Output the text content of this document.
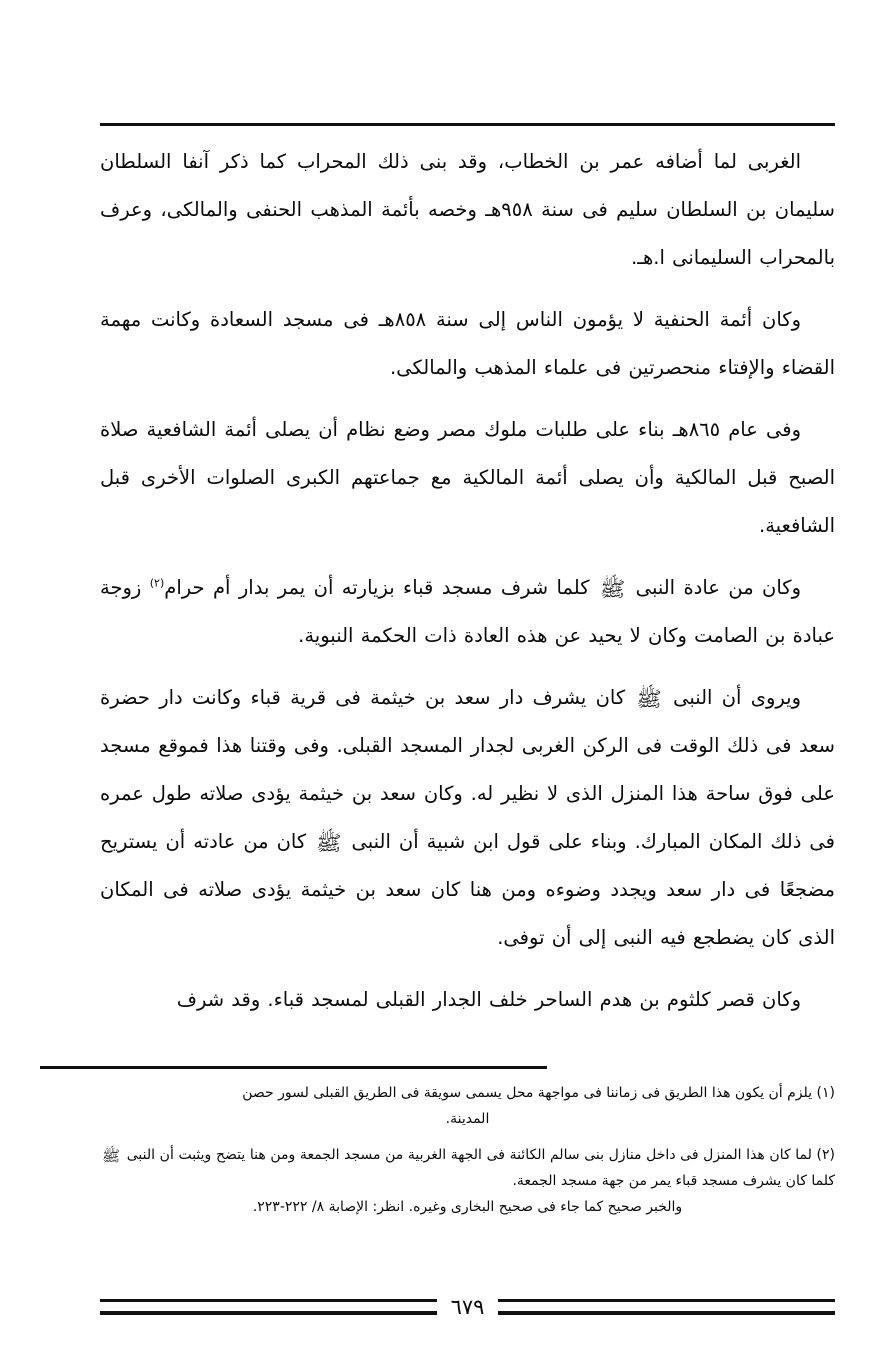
الغربى لما أضافه عمر بن الخطاب، وقد بنى ذلك المحراب كما ذكر آنفا السلطان سليمان بن السلطان سليم فى سنة ٩٥٨هـ وخصه بأئمة المذهب الحنفى والمالكى، وعرف بالمحراب السليمانى ا.هـ.

وكان أئمة الحنفية لا يؤمون الناس إلى سنة ٨٥٨هـ فى مسجد السعادة وكانت مهمة القضاء والإفتاء منحصرتين فى علماء المذهب والمالكى.

وفى عام ٨٦٥هـ بناء على طلبات ملوك مصر وضع نظام أن يصلى أئمة الشافعية صلاة الصبح قبل المالكية وأن يصلى أئمة المالكية مع جماعتهم الكبرى الصلوات الأخرى قبل الشافعية.

وكان من عادة النبى ﷺ كلما شرف مسجد قباء بزيارته أن يمر بدار أم حرام$^{(٢)}$ زوجة عبادة بن الصامت وكان لا يحيد عن هذه العادة ذات الحكمة النبوية.

ويروى أن النبى ﷺ كان يشرف دار سعد بن خيثمة فى قرية قباء وكانت دار حضرة سعد فى ذلك الوقت فى الركن الغربى لجدار المسجد القبلى. وفى وقتنا هذا فموقع مسجد على فوق ساحة هذا المنزل الذى لا نظير له. وكان سعد بن خيثمة يؤدى صلاته طول عمره فى ذلك المكان المبارك. وبناء على قول ابن شبية أن النبى ﷺ كان من عادته أن يستريح مضجعًا فى دار سعد ويجدد وضوءه ومن هنا كان سعد بن خيثمة يؤدى صلاته فى المكان الذى كان يضطجع فيه النبى إلى أن توفى.

وكان قصر كلثوم بن هدم الساحر خلف الجدار القبلى لمسجد قباء. وقد شرف

(١) يلزم أن يكون هذا الطريق فى زماننا فى مواجهة محل يسمى سويقة فى الطريق القبلى لسور حصن
المدينة.

(٢) لما كان هذا المنزل فى داخل منازل بنى سالم الكائنة فى الجهة الغربية من مسجد الجمعة ومن هنا يتضح ويثبت أن النبى ﷺ كلما كان يشرف مسجد قباء يمر من جهة مسجد الجمعة.
والخبر صحيح كما جاء فى صحيح البخارى وغيره. انظر: الإصابة ٨/ ٢٢٢-٢٢٣.

٦٧٩
